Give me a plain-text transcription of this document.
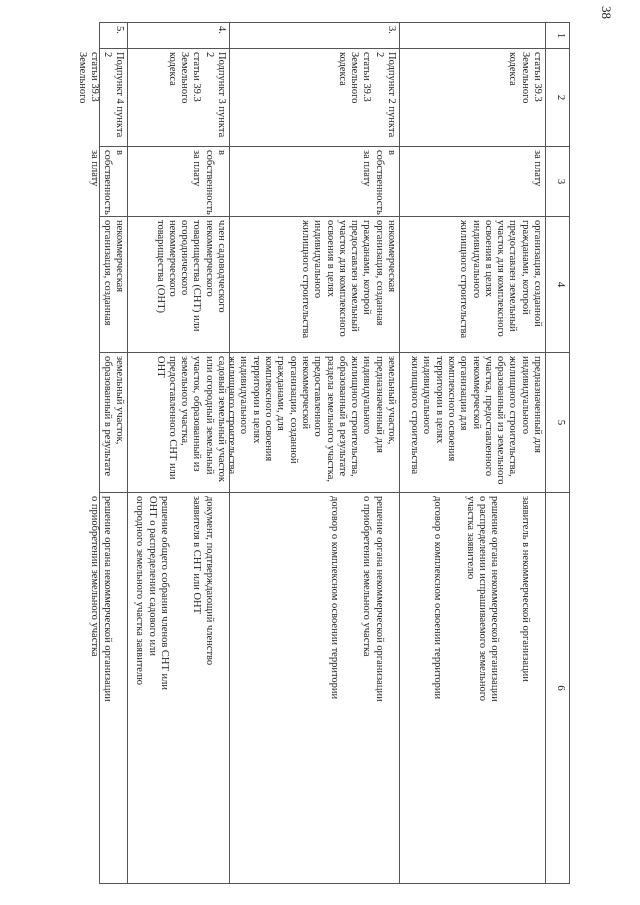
38
1
2
3
4
5
6
статьи 39.3 Земельного
кодекса
за плату
организация, созданной
гражданами, которой
предоставлен земельный
участок для комплексного
освоения в целях
индивидуального
жилищного строительства
предназначенный для
индивидуального
жилищного строительства,
образованный из земельного
участка, предоставленного
некоммерческой
организации для
комплексного освоения
территории в целях
индивидуального
жилищного строительства

заявитель в некоммерческой организации

решение органа некоммерческой организации
о распределении испрашиваемого земельного
участка заявителю

договор о комплексном освоении территории

3.
Подпункт 2 пункта 2
статьи 39.3 Земельного
кодекса
в собственность
за плату
некоммерческая
организация, созданная
гражданами, которой
предоставлен земельный
участок для комплексного
освоения в целях
индивидуального
жилищного строительства
земельный участок,
предназначенный для
индивидуального
жилищного строительства,
образованный в результате
раздела земельного участка,
предоставленного
некоммерческой
организации, созданной
гражданами, для
комплексного освоения
территории в целях
индивидуального
жилищного строительства

решение органа некоммерческой организации
о приобретении земельного участка

договор о комплексном освоении территории

4.
Подпункт 3 пункта 2
статьи 39.3 Земельного
кодекса
в собственность
за плату
член садоводческого
некоммерческого
товарищества (СНТ) или
огороднического
некоммерческого
товарищества (ОНТ)
садовый земельный участок
или огородный земельный
участок, образованный из
земельного участка,
предоставленного СНТ или
ОНТ

документ, подтверждающий членство
заявителя в СНТ или ОНТ

решение общего собрания членов СНТ или
ОНТ о распределении садового или
огородного земельного участка заявителю

5.
Подпункт 4 пункта 2
статьи 39.3 Земельного
в собственность
за плату
некоммерческая
организация, созданная
земельный участок,
образованный в результате

решение органа некоммерческой организации
о приобретении земельного участка
